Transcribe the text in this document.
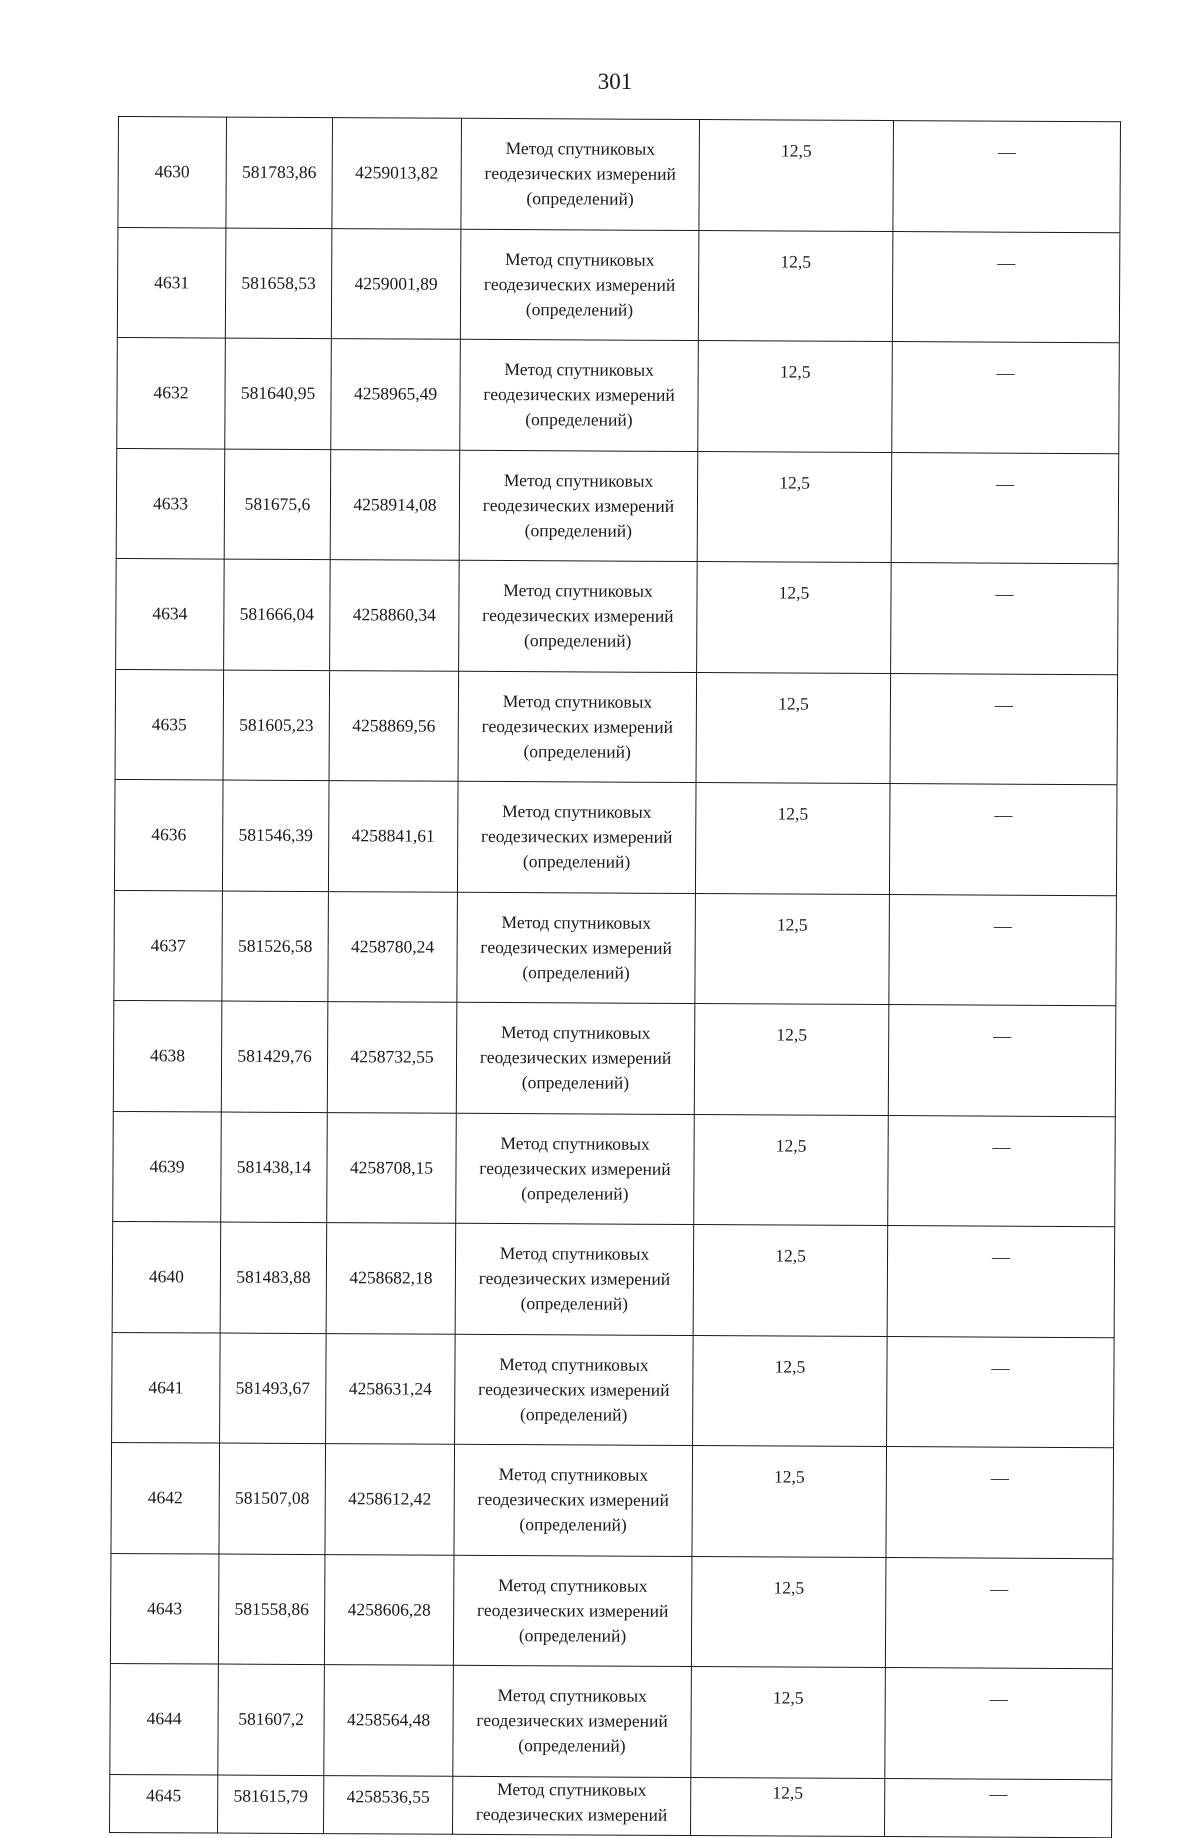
301
4630	581783,86	4259013,82	Метод спутниковых
геодезических измерений
(определений)	12,5	—
4631	581658,53	4259001,89	Метод спутниковых
геодезических измерений
(определений)	12,5	—
4632	581640,95	4258965,49	Метод спутниковых
геодезических измерений
(определений)	12,5	—
4633	581675,6	4258914,08	Метод спутниковых
геодезических измерений
(определений)	12,5	—
4634	581666,04	4258860,34	Метод спутниковых
геодезических измерений
(определений)	12,5	—
4635	581605,23	4258869,56	Метод спутниковых
геодезических измерений
(определений)	12,5	—
4636	581546,39	4258841,61	Метод спутниковых
геодезических измерений
(определений)	12,5	—
4637	581526,58	4258780,24	Метод спутниковых
геодезических измерений
(определений)	12,5	—
4638	581429,76	4258732,55	Метод спутниковых
геодезических измерений
(определений)	12,5	—
4639	581438,14	4258708,15	Метод спутниковых
геодезических измерений
(определений)	12,5	—
4640	581483,88	4258682,18	Метод спутниковых
геодезических измерений
(определений)	12,5	—
4641	581493,67	4258631,24	Метод спутниковых
геодезических измерений
(определений)	12,5	—
4642	581507,08	4258612,42	Метод спутниковых
геодезических измерений
(определений)	12,5	—
4643	581558,86	4258606,28	Метод спутниковых
геодезических измерений
(определений)	12,5	—
4644	581607,2	4258564,48	Метод спутниковых
геодезических измерений
(определений)	12,5	—
4645	581615,79	4258536,55	Метод спутниковых
геодезических измерений	12,5	—
